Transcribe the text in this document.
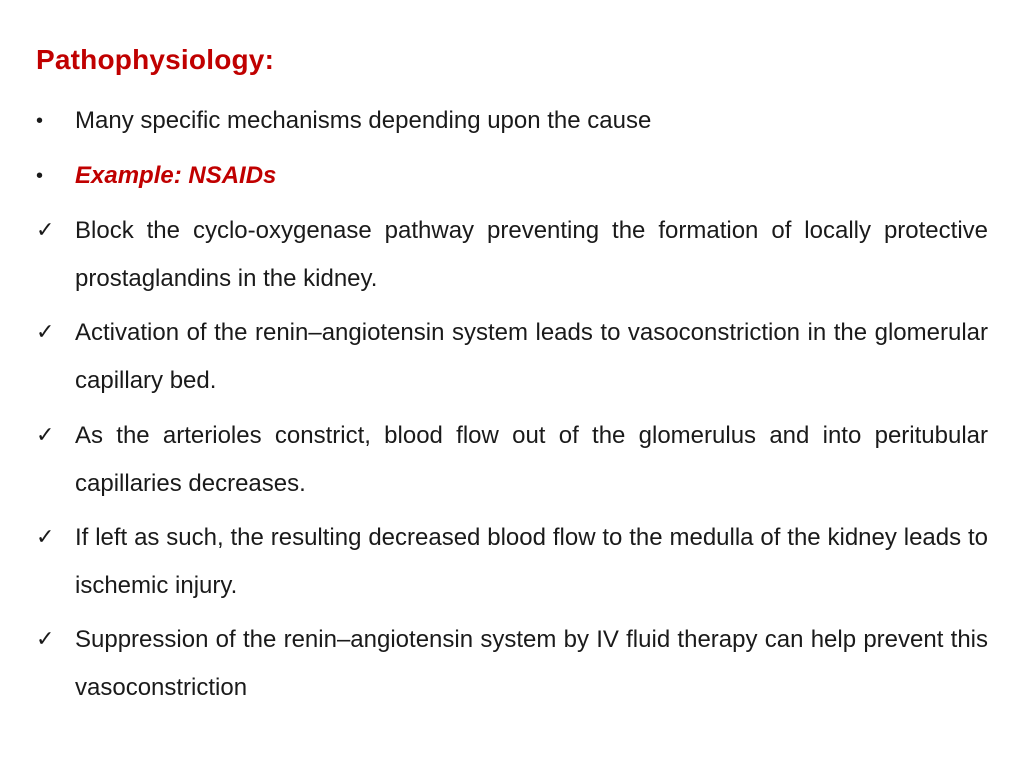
Pathophysiology:
•	Many specific mechanisms depending upon the cause
•	Example: NSAIDs
✓ Block the cyclo-oxygenase pathway preventing the formation of locally protective prostaglandins in the kidney.
✓ Activation of the renin–angiotensin system leads to vasoconstriction in the glomerular capillary bed.
✓ As the arterioles constrict, blood flow out of the glomerulus and into peritubular capillaries decreases.
✓ If left as such, the resulting decreased blood flow to the medulla of the kidney leads to ischemic injury.
✓ Suppression of the renin–angiotensin system by IV fluid therapy can help prevent this vasoconstriction
